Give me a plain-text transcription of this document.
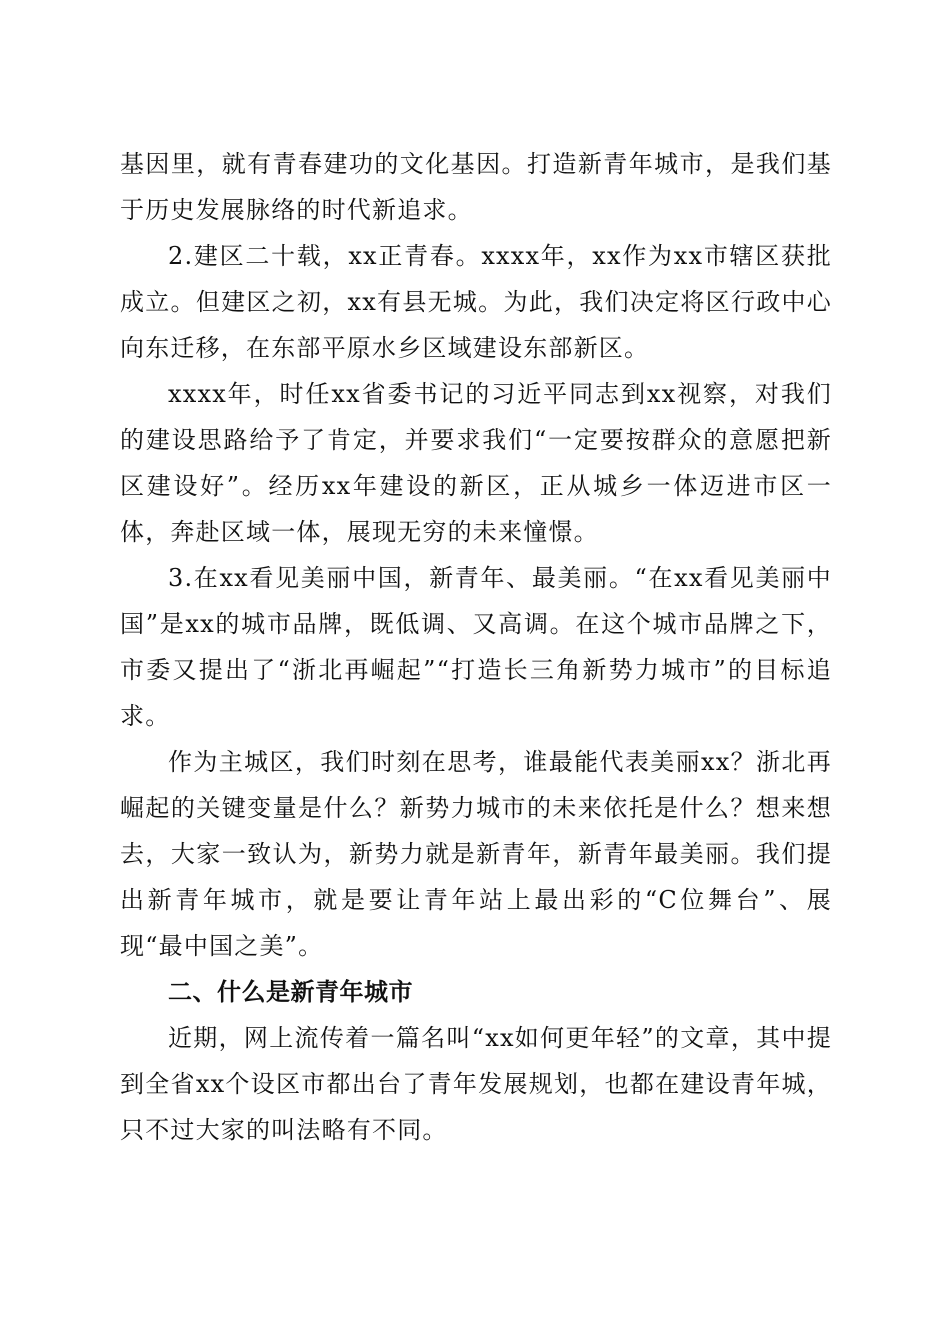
基因里，就有青春建功的文化基因。打造新青年城市，是我们基于历史发展脉络的时代新追求。

2.建区二十载，xx正青春。xxxx年，xx作为xx市辖区获批成立。但建区之初，xx有县无城。为此，我们决定将区行政中心向东迁移，在东部平原水乡区域建设东部新区。

xxxx年，时任xx省委书记的习近平同志到xx视察，对我们的建设思路给予了肯定，并要求我们“一定要按群众的意愿把新区建设好”。经历xx年建设的新区，正从城乡一体迈进市区一体，奔赴区域一体，展现无穷的未来憧憬。

3.在xx看见美丽中国，新青年、最美丽。“在xx看见美丽中国”是xx的城市品牌，既低调、又高调。在这个城市品牌之下，市委又提出了“浙北再崛起”“打造长三角新势力城市”的目标追求。

作为主城区，我们时刻在思考，谁最能代表美丽xx？浙北再崛起的关键变量是什么？新势力城市的未来依托是什么？想来想去，大家一致认为，新势力就是新青年，新青年最美丽。我们提出新青年城市，就是要让青年站上最出彩的“C位舞台”、展现“最中国之美”。

二、什么是新青年城市

近期，网上流传着一篇名叫“xx如何更年轻”的文章，其中提到全省xx个设区市都出台了青年发展规划，也都在建设青年城，只不过大家的叫法略有不同。
